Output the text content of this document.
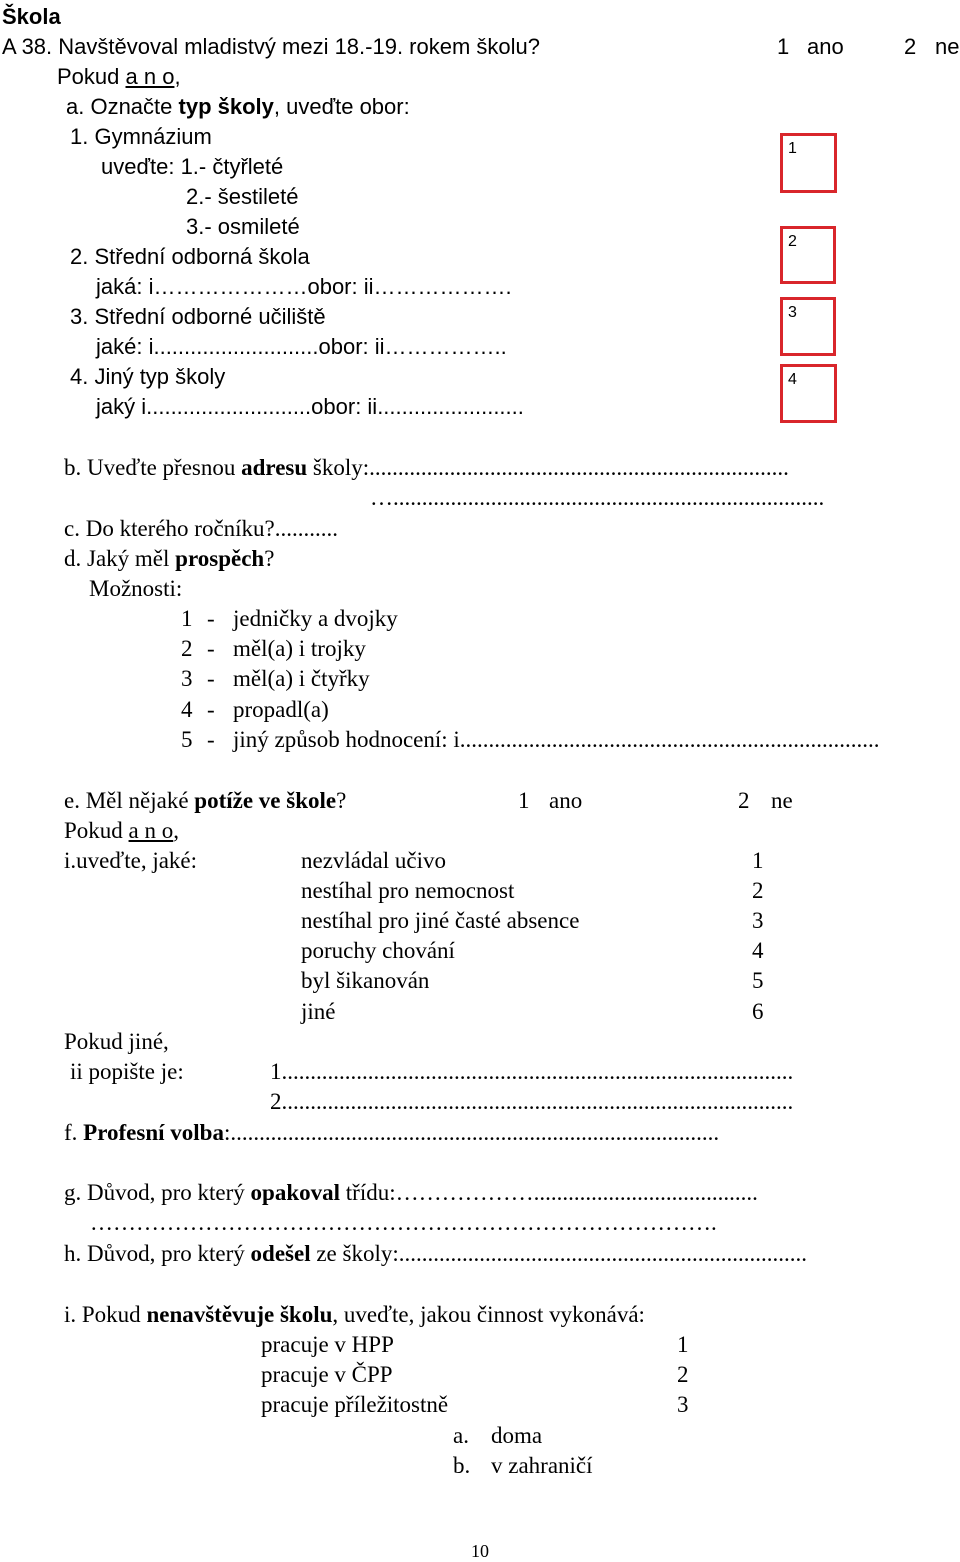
Škola
A 38. Navštěvoval mladistvý mezi 18.-19. rokem školu?	1 ano	2 ne
Pokud a n o,
a. Označte typ školy, uveďte obor:
1. Gymnázium
uveďte: 1.- čtyřleté
2.- šestileté
3.- osmileté
2. Střední odborná škola
jaká: i…………………obor: ii……………….
3. Střední odborné učiliště
jaké: i...........................obor: ii……………..
4. Jiný typ školy
jaký i...........................obor: ii........................
1
2
3
4
b. Uveďte přesnou adresu školy:.........................................................................
…...........................................................................
c. Do kterého ročníku?...........
d. Jaký měl prospěch?
Možnosti:
1 - jedničky a dvojky
2 - měl(a) i trojky
3 - měl(a) i čtyřky
4 - propadl(a)
5 - jiný způsob hodnocení: i.........................................................................
e. Měl nějaké potíže ve škole?	1 ano	2 ne
Pokud a n o,
i.uveďte, jaké:	nezvládal učivo	1
nestíhal pro nemocnost	2
nestíhal pro jiné časté absence	3
poruchy chování	4
byl šikanován	5
jiné	6
Pokud jiné,
ii popište je:	1.........................................................................................
2.........................................................................................
f. Profesní volba:.....................................................................................
g. Důvod, pro který opakoval třídu:……………….......................................
……………………………………………………………………….
h. Důvod, pro který odešel ze školy:.......................................................................
i. Pokud nenavštěvuje školu, uveďte, jakou činnost vykonává:
pracuje v HPP	1
pracuje v ČPP	2
pracuje příležitostně	3
a. doma
b. v zahraničí
10
